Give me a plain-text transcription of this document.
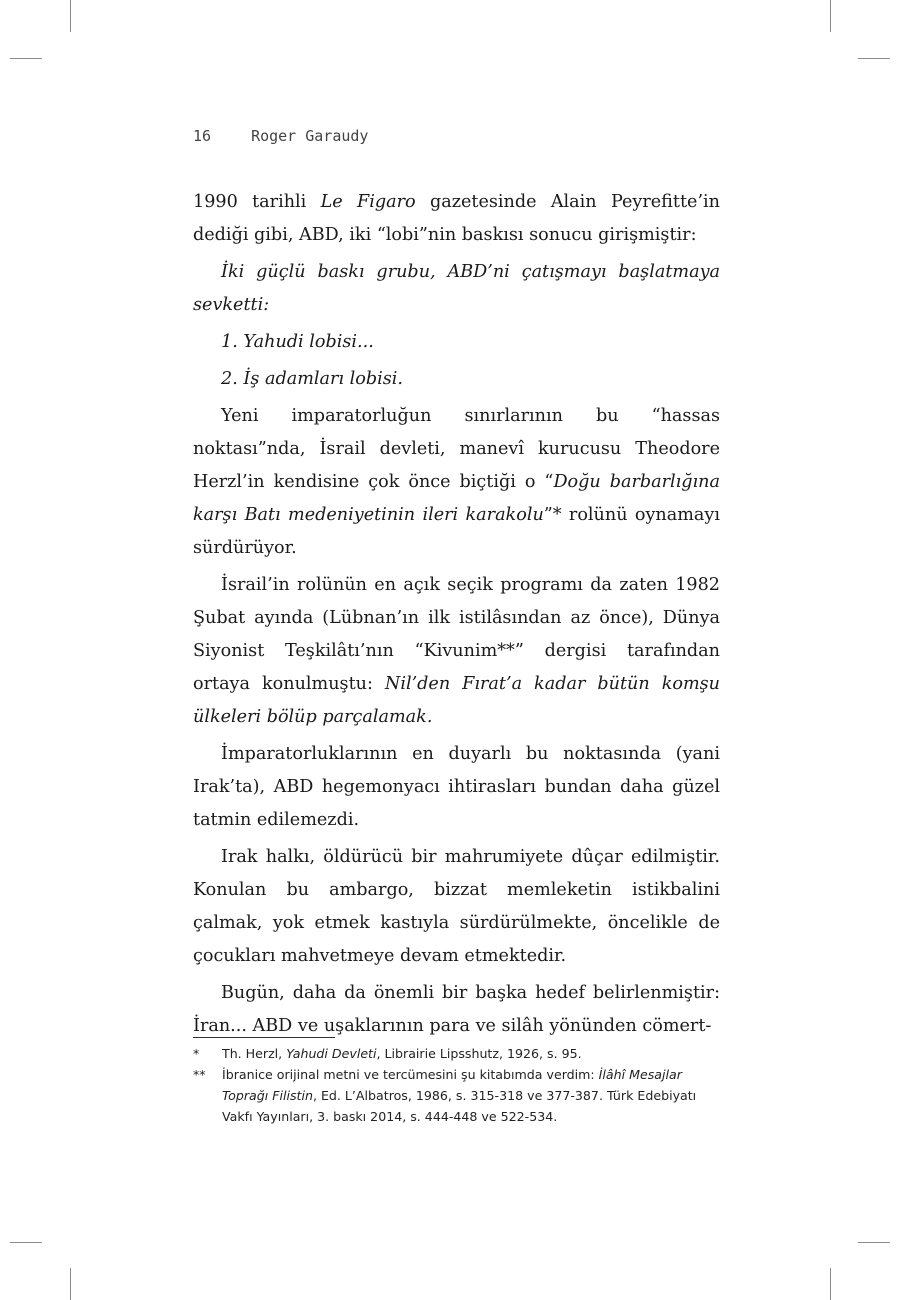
16	Roger Garaudy

1990 tarihli Le Figaro gazetesinde Alain Peyrefitte’in dediği gibi, ABD, iki “lobi”nin baskısı sonucu girişmiştir:

İki güçlü baskı grubu, ABD’ni çatışmayı başlatmaya sevketti:

1. Yahudi lobisi...

2. İş adamları lobisi.

Yeni imparatorluğun sınırlarının bu “hassas noktası”nda, İsrail devleti, manevî kurucusu Theodore Herzl’in kendisine çok önce biçtiği o “Doğu barbarlığına karşı Batı medeniyetinin ileri karakolu”* rolünü oynamayı sürdürüyor.

İsrail’in rolünün en açık seçik programı da zaten 1982 Şubat ayında (Lübnan’ın ilk istilâsından az önce), Dünya Siyonist Teşkilâtı’nın “Kivunim**” dergisi tarafından ortaya konulmuştu: Nil’den Fırat’a kadar bütün komşu ülkeleri bölüp parçalamak.

İmparatorluklarının en duyarlı bu noktasında (yani Irak’ta), ABD hegemonyacı ihtirasları bundan daha güzel tatmin edilemezdi.

Irak halkı, öldürücü bir mahrumiyete dûçar edilmiştir. Konulan bu ambargo, bizzat memleketin istikbalini çalmak, yok etmek kastıyla sürdürülmekte, öncelikle de çocukları mahvetmeye devam etmektedir.

Bugün, daha da önemli bir başka hedef belirlenmiştir: İran... ABD ve uşaklarının para ve silâh yönünden cömert-

*	Th. Herzl, Yahudi Devleti, Librairie Lipsshutz, 1926, s. 95.
**	İbranice orijinal metni ve tercümesini şu kitabımda verdim: İlâhî Mesajlar Toprağı Filistin, Ed. L’Albatros, 1986, s. 315-318 ve 377-387. Türk Edebiyatı Vakfı Yayınları, 3. baskı 2014, s. 444-448 ve 522-534.
